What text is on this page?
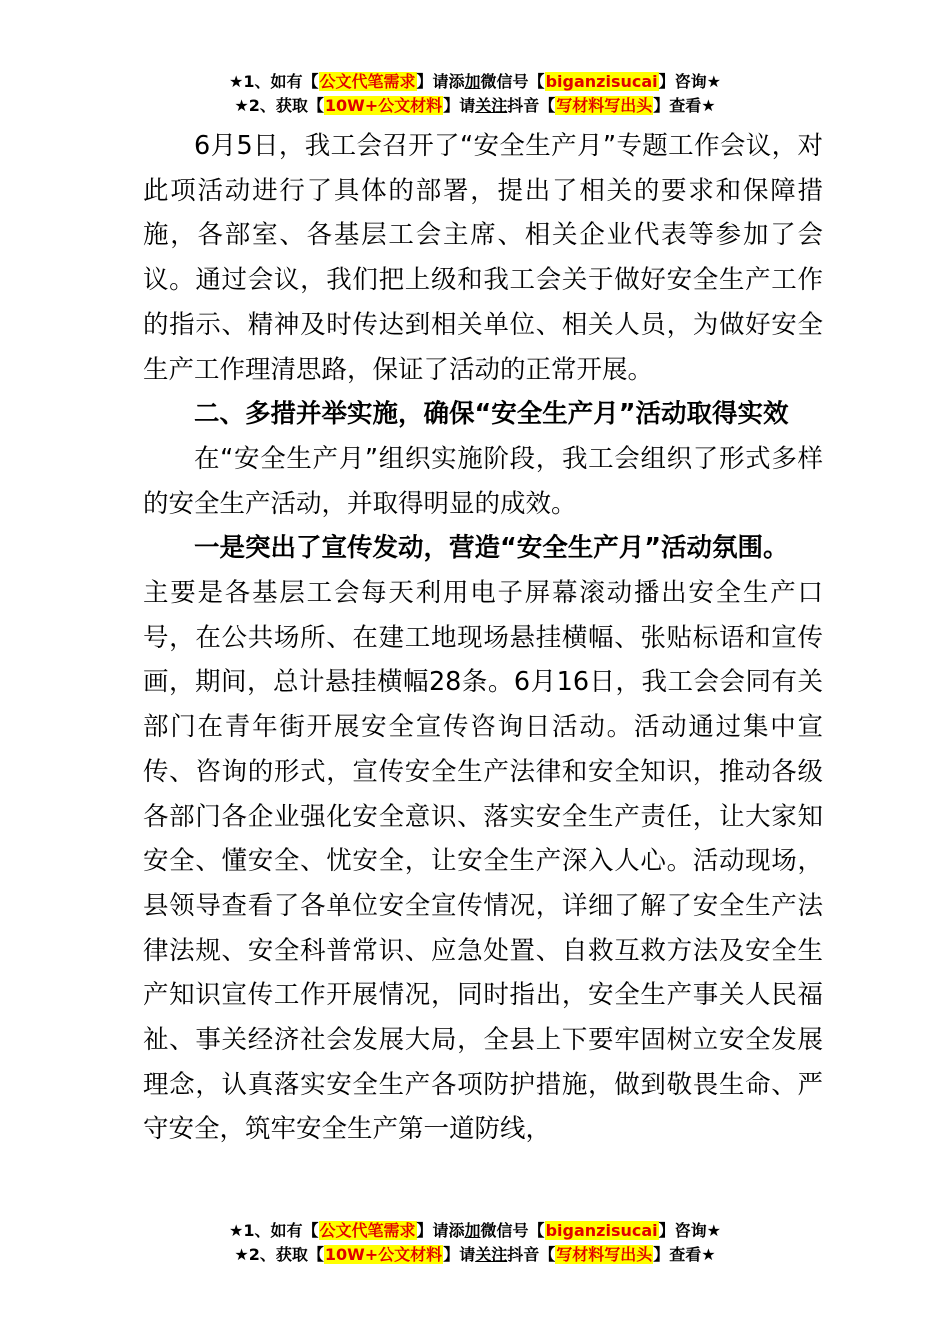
★1、如有【公文代笔需求】请添加微信号【biganzisucai】咨询★
★2、获取【10W+公文材料】请关注抖音【写材料写出头】查看★

6月5日，我工会召开了“安全生产月”专题工作会议，对此项活动进行了具体的部署，提出了相关的要求和保障措施，各部室、各基层工会主席、相关企业代表等参加了会议。通过会议，我们把上级和我工会关于做好安全生产工作的指示、精神及时传达到相关单位、相关人员，为做好安全生产工作理清思路，保证了活动的正常开展。

二、多措并举实施，确保“安全生产月”活动取得实效

在“安全生产月”组织实施阶段，我工会组织了形式多样的安全生产活动，并取得明显的成效。

一是突出了宣传发动，营造“安全生产月”活动氛围。

主要是各基层工会每天利用电子屏幕滚动播出安全生产口号，在公共场所、在建工地现场悬挂横幅、张贴标语和宣传画，期间，总计悬挂横幅28条。6月16日，我工会会同有关部门在青年街开展安全宣传咨询日活动。活动通过集中宣传、咨询的形式，宣传安全生产法律和安全知识，推动各级各部门各企业强化安全意识、落实安全生产责任，让大家知安全、懂安全、忧安全，让安全生产深入人心。活动现场，县领导查看了各单位安全宣传情况，详细了解了安全生产法律法规、安全科普常识、应急处置、自救互救方法及安全生产知识宣传工作开展情况，同时指出，安全生产事关人民福祉、事关经济社会发展大局，全县上下要牢固树立安全发展理念，认真落实安全生产各项防护措施，做到敬畏生命、严守安全，筑牢安全生产第一道防线，

★1、如有【公文代笔需求】请添加微信号【biganzisucai】咨询★
★2、获取【10W+公文材料】请关注抖音【写材料写出头】查看★
